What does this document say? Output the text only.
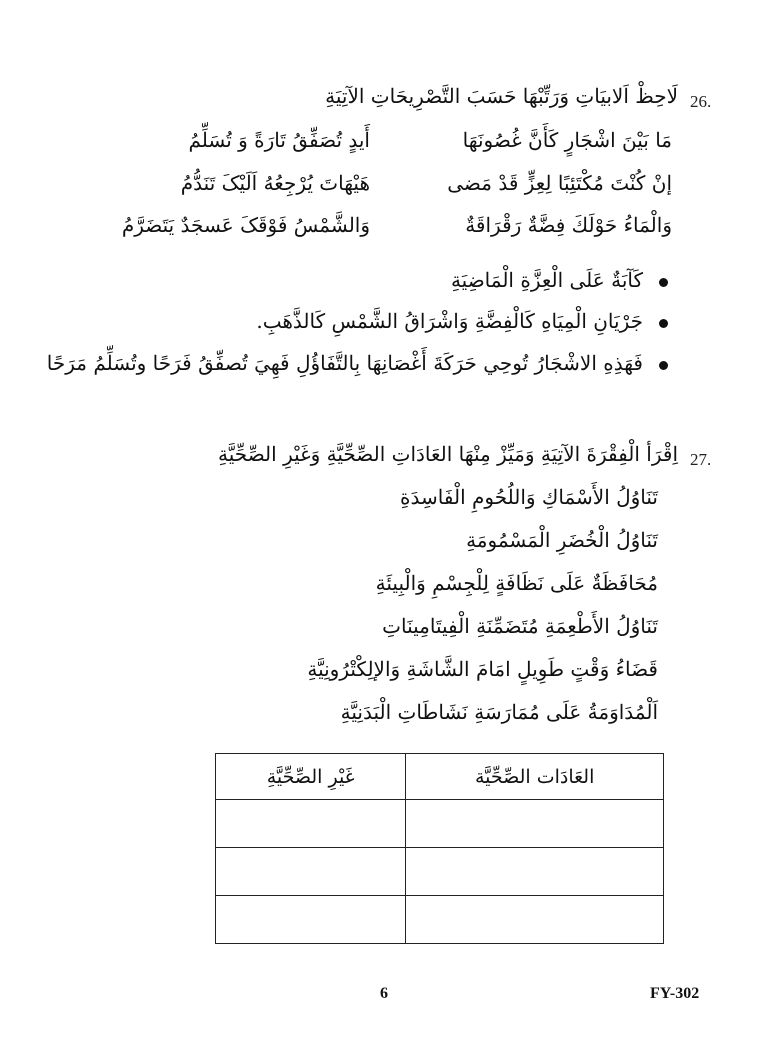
26.
لَاحِظْ اَلابيَاتِ وَرَتِّبْهَا حَسَبَ التَّصْرِيحَاتِ الآتِيَةِ
مَا بَيْنَ اشْجَارٍ كَأَنَّ غُصُونَهَا
أَيدٍ تُصَفِّقُ تَارَةً وَ تُسَلِّمُ
إنْ كُنْتَ مُكْتَئِبًا لِعِزٍّ قَدْ مَضى
هَيْهَاتَ يُرْجِعُهُ اَلَيْکَ تَنَدُّمُ
وَالْمَاءُ حَوْلَكَ فِضَّةٌ رَقْرَاقَةٌ
وَالشَّمْسُ فَوْقَکَ عَسجَدٌ يَتَضَرَّمُ
كَآبَةٌ عَلَى الْعِزَّةِ الْمَاضِيَةِ
جَرْيَانِ الْمِيَاهِ كَالْفِضَّةِ وَاشْرَاقُ الشَّمْسِ كَالذَّهَبِ.
فَهَذِهِ الاشْجَارُ تُوحِي حَرَكَةَ أَغْصَانِهَا بِالتَّفَاؤُلِ فَهِيَ تُصفِّقُ فَرَحًا وتُسَلِّمُ مَرَحًا
27.
اِقْرَأ الْفِقْرَةَ الآتِيَةِ وَمَيِّزْ مِنْهَا العَادَاتِ الصِّحِّيَّةِ وَغَيْرِ الصِّحِّيَّةِ
تَنَاوُلُ الأَسْمَاكِ وَاللُحُومِ الْفَاسِدَةِ
تَنَاوُلُ الْخُضَرِ الْمَسْمُومَةِ
مُحَافَظَةٌ عَلَى نَظَافَةٍ لِلْجِسْمِ وَالْبِيئَةِ
تَنَاوُلُ الأَطْعِمَةِ مُتَضَمِّنَةِ الْفِيتَامِينَاتِ
قَضَاءُ وَقْتٍ طَوِيلٍ امَامَ الشَّاشَةِ وَالإلِكْتْرُونِيَّةِ
اَلْمُدَاوَمَةُ عَلَى مُمَارَسَةِ نَشَاطَاتِ الْبَدَنِيَّةِ
العَادَات الصِّحِّيَّة	غَيْرِ الصِّحِّيَّةِ

6	FY-302
